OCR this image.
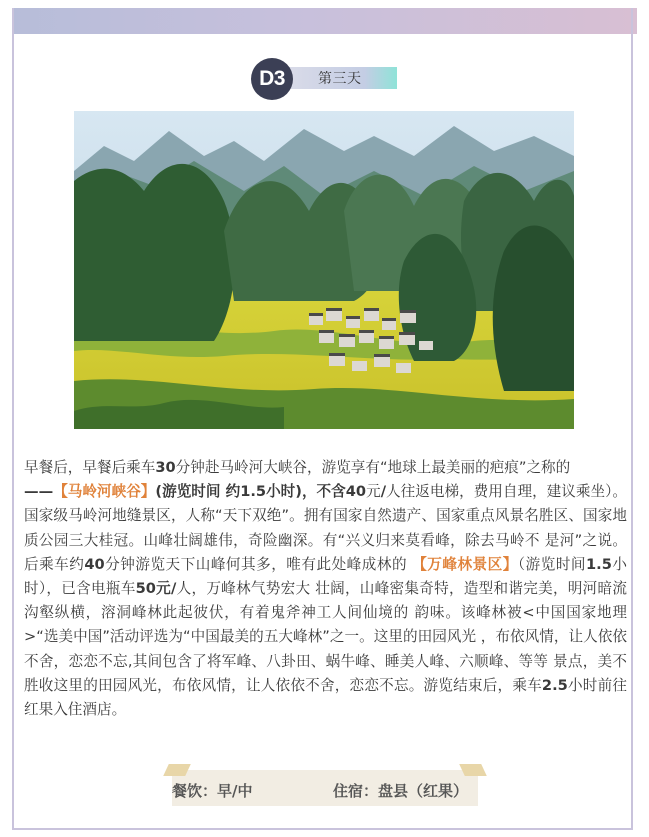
第三天
D3
早餐后，早餐后乘车30分钟赴马岭河大峡谷，游览享有“地球上最美丽的疤痕”之称的
——【马岭河峡谷】(游览时间 约1.5小时)，不含40元/人往返电梯，费用自理，建议乘坐）。国家级马岭河地缝景区，人称“天下双绝”。拥有国家自然遗产、国家重点风景名胜区、国家地质公园三大桂冠。山峰壮阔雄伟，奇险幽深。有“兴义归来莫看峰，除去马岭不 是河”之说。后乘车约40分钟游览天下山峰何其多，唯有此处峰成林的 【万峰林景区】（游览时间1.5小时），已含电瓶车50元/人，万峰林气势宏大 壮阔，山峰密集奇特，造型和谐完美，明河暗流沟壑纵横，溶洞峰林此起彼伏，有着鬼斧神工人间仙境的 韵味。该峰林被<中国国家地理>“选美中国”活动评选为“中国最美的五大峰林”之一。这里的田园风光 ，布依风情，让人依依不舍，恋恋不忘,其间包含了将军峰、八卦田、蜗牛峰、睡美人峰、六顺峰、等等 景点，美不胜收这里的田园风光，布依风情，让人依依不舍，恋恋不忘。游览结束后，乘车2.5小时前往红果入住酒店。
餐饮：早/中	住宿：盘县（红果）
